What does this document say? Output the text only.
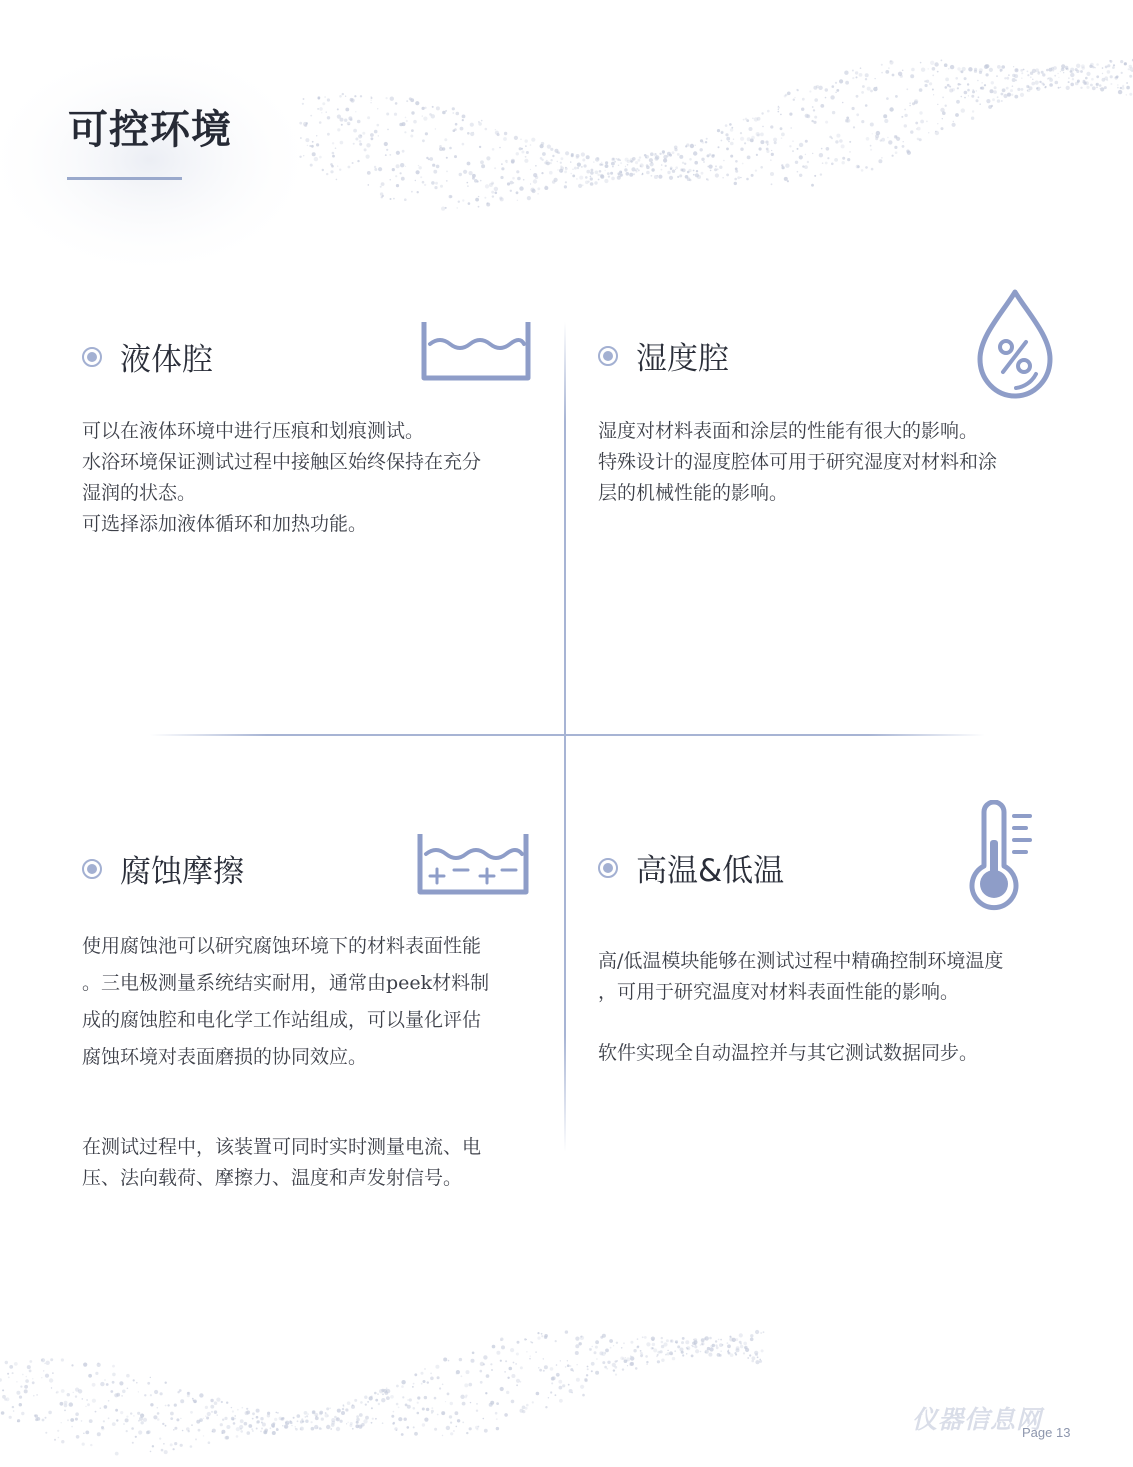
可控环境
液体腔

可以在液体环境中进行压痕和划痕测试。

水浴环境保证测试过程中接触区始终保持在充分

湿润的状态。

可选择添加液体循环和加热功能。

湿度腔

湿度对材料表面和涂层的性能有很大的影响。

特殊设计的湿度腔体可用于研究湿度对材料和涂

层的机械性能的影响。

腐蚀摩擦

使用腐蚀池可以研究腐蚀环境下的材料表面性能

。三电极测量系统结实耐用，通常由peek材料制

成的腐蚀腔和电化学工作站组成，可以量化评估

腐蚀环境对表面磨损的协同效应。

在测试过程中，该装置可同时实时测量电流、电

压、法向载荷、摩擦力、温度和声发射信号。

高温&低温

高/低温模块能够在测试过程中精确控制环境温度

，可用于研究温度对材料表面性能的影响。

软件实现全自动温控并与其它测试数据同步。

仪器信息网
Page 13
